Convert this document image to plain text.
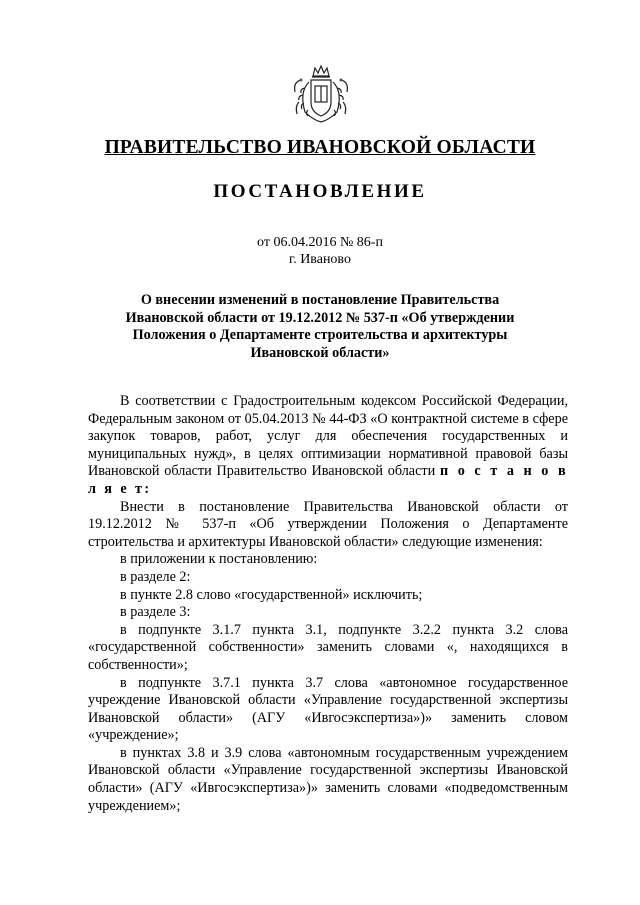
ПРАВИТЕЛЬСТВО ИВАНОВСКОЙ ОБЛАСТИ
ПОСТАНОВЛЕНИЕ
от 06.04.2016 № 86-п
г. Иваново
О внесении изменений в постановление Правительства Ивановской области от 19.12.2012 № 537-п «Об утверждении Положения о Департаменте строительства и архитектуры Ивановской области»

В соответствии с Градостроительным кодексом Российской Федерации, Федеральным законом от 05.04.2013 № 44-ФЗ «О контрактной системе в сфере закупок товаров, работ, услуг для обеспечения государственных и муниципальных нужд», в целях оптимизации нормативной правовой базы Ивановской области Правительство Ивановской области п о с т а н о в л я е т:

Внести в постановление Правительства Ивановской области от 19.12.2012 № 537-п «Об утверждении Положения о Департаменте строительства и архитектуры Ивановской области» следующие изменения:

в приложении к постановлению:

в разделе 2:

в пункте 2.8 слово «государственной» исключить;

в разделе 3:

в подпункте 3.1.7 пункта 3.1, подпункте 3.2.2 пункта 3.2 слова «государственной собственности» заменить словами «, находящихся в собственности»;

в подпункте 3.7.1 пункта 3.7 слова «автономное государственное учреждение Ивановской области «Управление государственной экспертизы Ивановской области» (АГУ «Ивгосэкспертиза»)» заменить словом «учреждение»;

в пунктах 3.8 и 3.9 слова «автономным государственным учреждением Ивановской области «Управление государственной экспертизы Ивановской области» (АГУ «Ивгосэкспертиза»)» заменить словами «подведомственным учреждением»;
